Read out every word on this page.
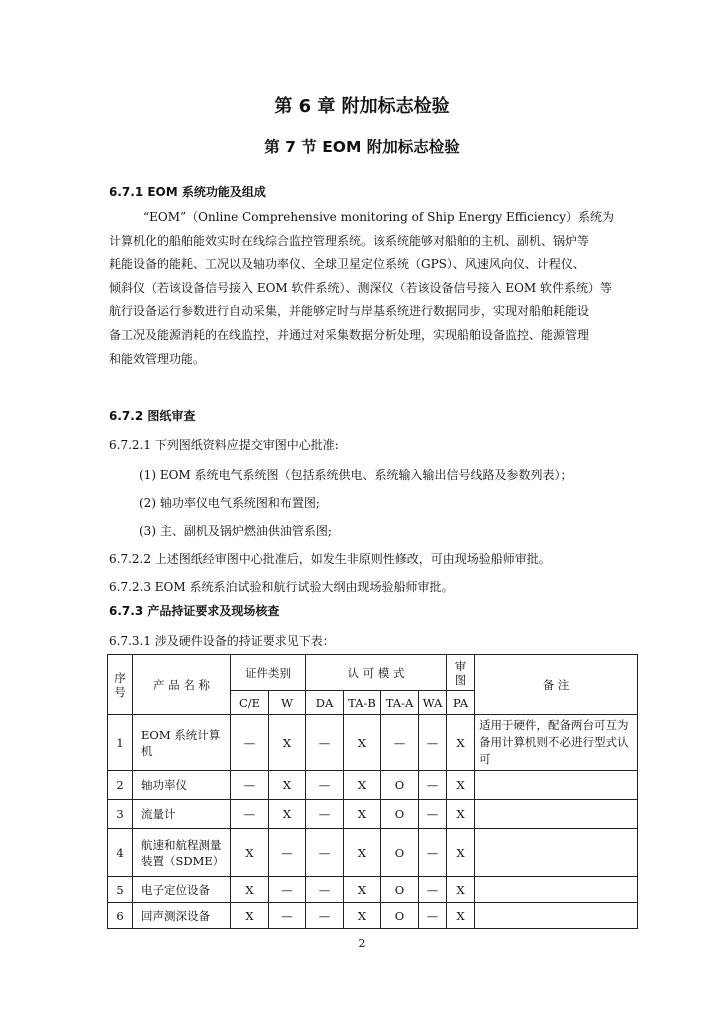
第 6 章 附加标志检验
第 7 节 EOM 附加标志检验
6.7.1 EOM 系统功能及组成
“EOM”（Online Comprehensive monitoring of Ship Energy Efficiency）系统为
计算机化的船舶能效实时在线综合监控管理系统。该系统能够对船舶的主机、副机、锅炉等
耗能设备的能耗、工况以及轴功率仪、全球卫星定位系统（GPS）、风速风向仪、计程仪、
倾斜仪（若该设备信号接入 EOM 软件系统）、测深仪（若该设备信号接入 EOM 软件系统）等
航行设备运行参数进行自动采集，并能够定时与岸基系统进行数据同步，实现对船舶耗能设
备工况及能源消耗的在线监控，并通过对采集数据分析处理，实现船舶设备监控、能源管理
和能效管理功能。
6.7.2 图纸审查
6.7.2.1 下列图纸资料应提交审图中心批准:
(1) EOM 系统电气系统图（包括系统供电、系统输入输出信号线路及参数列表）；
(2) 轴功率仪电气系统图和布置图;
(3) 主、副机及锅炉燃油供油管系图;
6.7.2.2 上述图纸经审图中心批准后，如发生非原则性修改，可由现场验船师审批。
6.7.2.3 EOM 系统系泊试验和航行试验大纲由现场验船师审批。
6.7.3 产品持证要求及现场核查
6.7.3.1 涉及硬件设备的持证要求见下表：
序
号	产 品 名 称	证件类别		认 可 模 式				审
图	备 注
		C/E	W	DA	TA-B	TA-A	WA	PA	
1	EOM 系统计算机	—	X	—	X	—	—	X	适用于硬件，配备两台可互为备用计算机则不必进行型式认可
2	轴功率仪	—	X	—	X	O	—	X	
3	流量计	—	X	—	X	O	—	X	
4	航速和航程测量装置（SDME）	X	—	—	X	O	—	X	
5	电子定位设备	X	—	—	X	O	—	X	
6	回声测深设备	X	—	—	X	O	—	X	
2
